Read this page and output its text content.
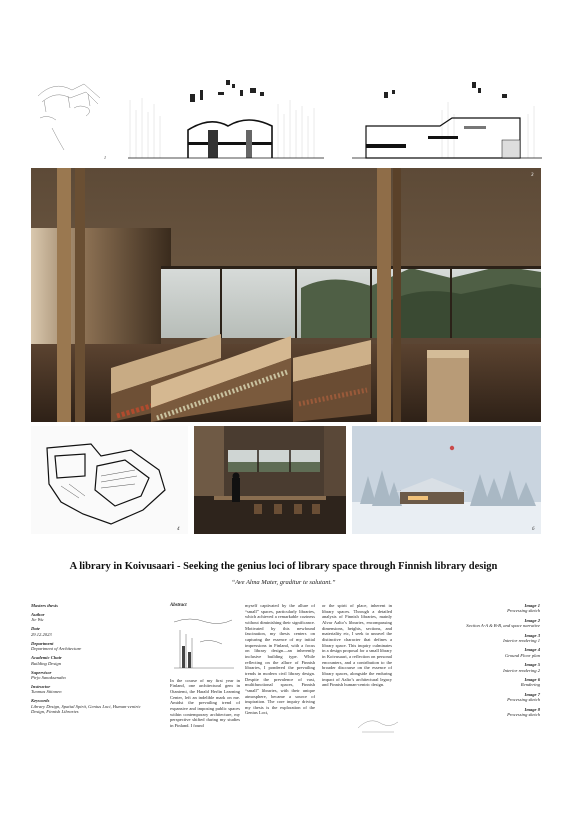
1
3
4	6
A library in Koivusaari - Seeking the genius loci of library space through Finnish library design
“Ave Alma Mater, graditur te salutant.”
Masters thesis
Author
Jie Wu
Date
29.12.2023
Department
Department of Architecture
Academic Chair
Building Design
Supervisor
Pirjo Sanaksenaho
Instructor
Tuomas Siitonen
Keywords
Library Design, Spatial Spirit, Genius Loci, Human-centric Design, Finnish Libraries
Abstract
In the course of my first year in Finland, one architectural gem in Otaniemi, the Harald Herlin Learning Center, left an indelible mark on me. Amidst the prevailing trend of expansive and imposing public spaces within contemporary architecture, my perspective shifted during my studies in Finland. I found
myself captivated by the allure of “small” spaces, particularly libraries, which achieved a remarkable coziness without diminishing their significance. Motivated by this newfound fascination, my thesis centers on capturing the essence of my initial impressions in Finland, with a focus on library design—an inherently inclusive building type. While reflecting on the allure of Finnish libraries, I pondered the prevailing trends in modern civil library design. Despite the prevalence of vast, multifunctional spaces, Finnish “small” libraries, with their unique atmosphere, became a source of inspiration. The core inquiry driving my thesis is the exploration of the Genius Loci,
or the spirit of place, inherent in library spaces. Through a detailed analysis of Finnish libraries, mainly Alvar Aalto’s libraries, encompassing dimensions, heights, sections, and materiality etc, I seek to unravel the distinctive character that defines a library space. This inquiry culminates in a design proposal for a small library in Koivusaari, a reflection on personal encounters, and a contribution to the broader discourse on the essence of library spaces, alongside the enduring impact of Aalto’s architectural legacy and Finnish human-centric design.
Image 1
Processing sketch
Image 2
Section A-A & B-B, and space narrative
Image 3
Interior rendering 1
Image 4
Ground Floor plan
Image 5
Interior rendering 2
Image 6
Rendering
Image 7
Processing sketch
Image 8
Processing sketch
